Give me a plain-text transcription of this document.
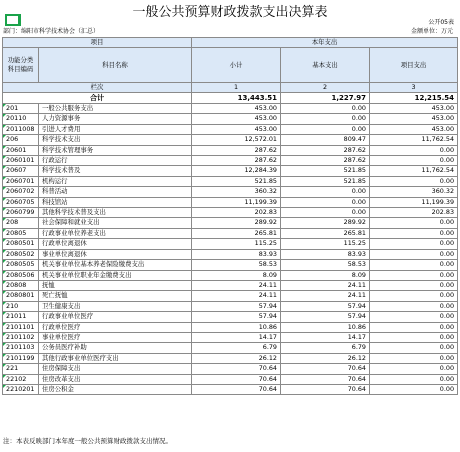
一般公共预算财政拨款支出决算表
公开05表
部门：绵阳市科学技术协会（汇总）	金额单位：万元
项目		本年支出		
功能分类科目编码	科目名称	小计	基本支出	项目支出
栏次		1	2	3
合计		13,443.51	1,227.97	12,215.54

201	一般公共服务支出	453.00	0.00	453.00

20110	人力资源事务	453.00	0.00	453.00

2011008	引进人才费用	453.00	0.00	453.00

206	科学技术支出	12,572.01	809.47	11,762.54

20601	科学技术管理事务	287.62	287.62	0.00

2060101	行政运行	287.62	287.62	0.00

20607	科学技术普及	12,284.39	521.85	11,762.54

2060701	机构运行	521.85	521.85	0.00

2060702	科普活动	360.32	0.00	360.32

2060705	科技馆站	11,199.39	0.00	11,199.39

2060799	其他科学技术普及支出	202.83	0.00	202.83

208	社会保障和就业支出	289.92	289.92	0.00

20805	行政事业单位养老支出	265.81	265.81	0.00

2080501	行政单位离退休	115.25	115.25	0.00

2080502	事业单位离退休	83.93	83.93	0.00

2080505	机关事业单位基本养老保险缴费支出	58.53	58.53	0.00

2080506	机关事业单位职业年金缴费支出	8.09	8.09	0.00

20808	抚恤	24.11	24.11	0.00

2080801	死亡抚恤	24.11	24.11	0.00

210	卫生健康支出	57.94	57.94	0.00

21011	行政事业单位医疗	57.94	57.94	0.00

2101101	行政单位医疗	10.86	10.86	0.00

2101102	事业单位医疗	14.17	14.17	0.00

2101103	公务员医疗补助	6.79	6.79	0.00

2101199	其他行政事业单位医疗支出	26.12	26.12	0.00

221	住房保障支出	70.64	70.64	0.00

22102	住房改革支出	70.64	70.64	0.00

2210201	住房公积金	70.64	70.64	0.00
注：本表反映部门本年度一般公共预算财政拨款支出情况。
